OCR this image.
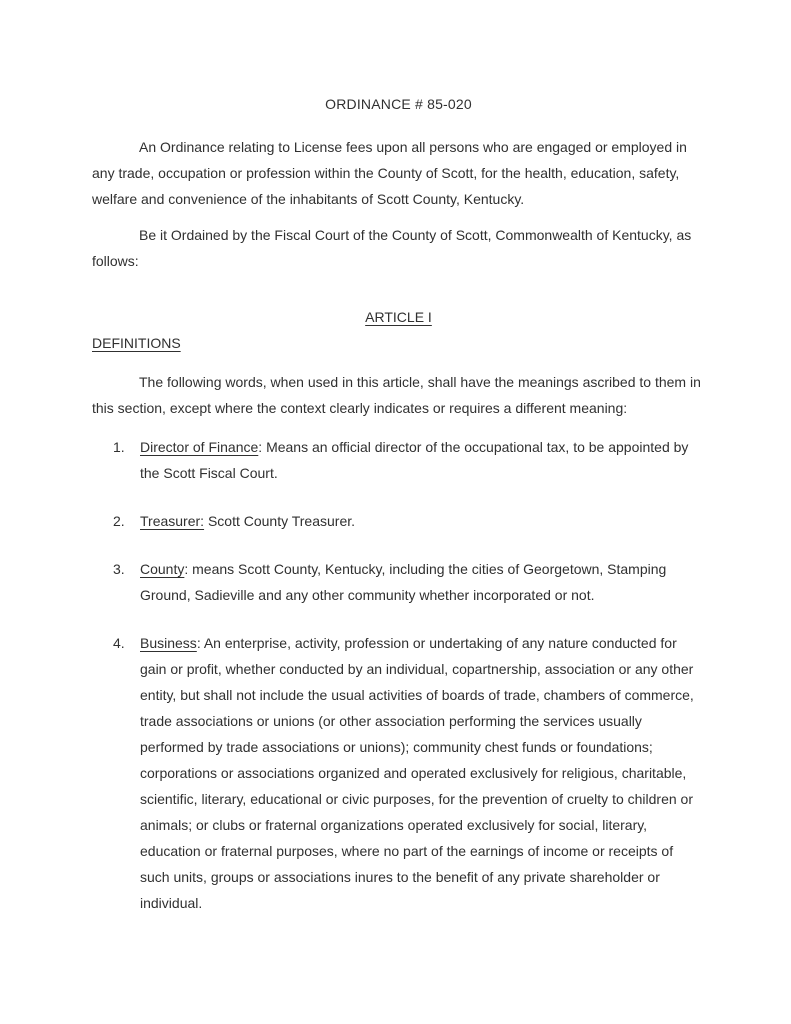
ORDINANCE # 85-020

An Ordinance relating to License fees upon all persons who are engaged or employed in any trade, occupation or profession within the County of Scott, for the health, education, safety, welfare and convenience of the inhabitants of Scott County, Kentucky.

Be it Ordained by the Fiscal Court of the County of Scott, Commonwealth of Kentucky, as follows:

ARTICLE I
DEFINITIONS

The following words, when used in this article, shall have the meanings ascribed to them in this section, except where the context clearly indicates or requires a different meaning:

1. Director of Finance: Means an official director of the occupational tax, to be appointed by the Scott Fiscal Court.
2. Treasurer: Scott County Treasurer.
3. County: means Scott County, Kentucky, including the cities of Georgetown, Stamping Ground, Sadieville and any other community whether incorporated or not.
4. Business: An enterprise, activity, profession or undertaking of any nature conducted for gain or profit, whether conducted by an individual, copartnership, association or any other entity, but shall not include the usual activities of boards of trade, chambers of commerce, trade associations or unions (or other association performing the services usually performed by trade associations or unions); community chest funds or foundations; corporations or associations organized and operated exclusively for religious, charitable, scientific, literary, educational or civic purposes, for the prevention of cruelty to children or animals; or clubs or fraternal organizations operated exclusively for social, literary, education or fraternal purposes, where no part of the earnings of income or receipts of such units, groups or associations inures to the benefit of any private shareholder or individual.
